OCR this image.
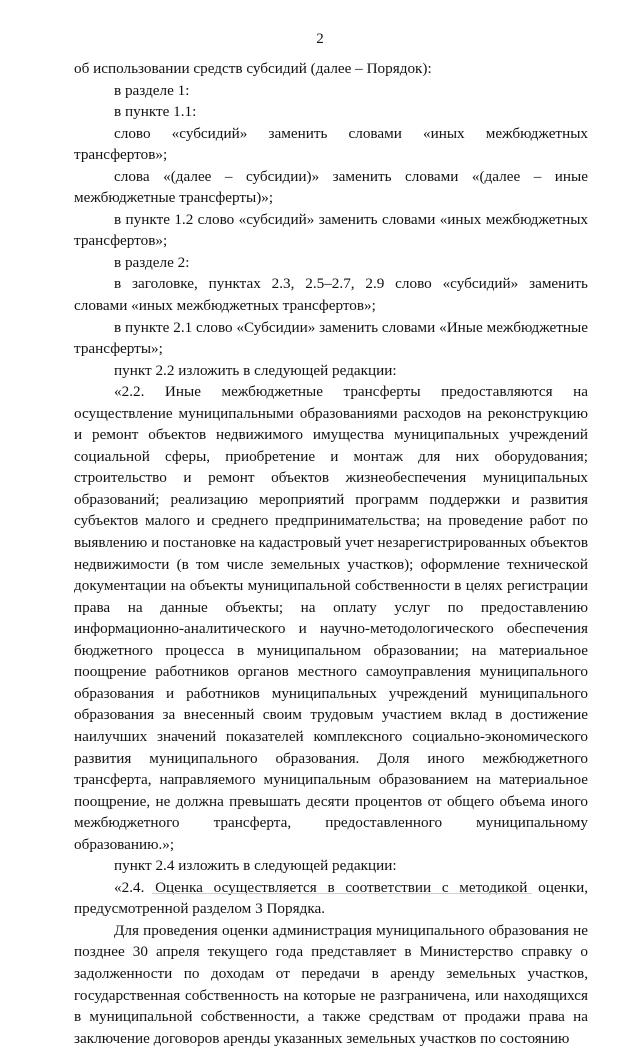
2

об использовании средств субсидий (далее – Порядок):

в разделе 1:

в пункте 1.1:

слово «субсидий» заменить словами «иных межбюджетных трансфертов»;

слова «(далее – субсидии)» заменить словами «(далее – иные межбюджетные трансферты)»;

в пункте 1.2 слово «субсидий» заменить словами «иных межбюджетных трансфертов»;

в разделе 2:

в заголовке, пунктах 2.3, 2.5–2.7, 2.9 слово «субсидий» заменить словами «иных межбюджетных трансфертов»;

в пункте 2.1 слово «Субсидии» заменить словами «Иные межбюджетные трансферты»;

пункт 2.2 изложить в следующей редакции:

«2.2. Иные межбюджетные трансферты предоставляются на осуществление муниципальными образованиями расходов на реконструкцию и ремонт объектов недвижимого имущества муниципальных учреждений социальной сферы, приобретение и монтаж для них оборудования; строительство и ремонт объектов жизнеобеспечения муниципальных образований; реализацию мероприятий программ поддержки и развития субъектов малого и среднего предпринимательства; на проведение работ по выявлению и постановке на кадастровый учет незарегистрированных объектов недвижимости (в том числе земельных участков); оформление технической документации на объекты муниципальной собственности в целях регистрации права на данные объекты; на оплату услуг по предоставлению информационно-аналитического и научно-методологического обеспечения бюджетного процесса в муниципальном образовании; на материальное поощрение работников органов местного самоуправления муниципального образования и работников муниципальных учреждений муниципального образования за внесенный своим трудовым участием вклад в достижение наилучших значений показателей комплексного социально-экономического развития муниципального образования. Доля иного межбюджетного трансферта, направляемого муниципальным образованием на материальное поощрение, не должна превышать десяти процентов от общего объема иного межбюджетного трансферта, предоставленного муниципальному образованию.»;

пункт 2.4 изложить в следующей редакции:

«2.4. Оценка осуществляется в соответствии с методикой оценки, предусмотренной разделом 3 Порядка.

Для проведения оценки администрация муниципального образования не позднее 30 апреля текущего года представляет в Министерство справку о задолженности по доходам от передачи в аренду земельных участков, государственная собственность на которые не разграничена, или находящихся в муниципальной собственности, а также средствам от продажи права на заключение договоров аренды указанных земельных участков по состоянию
